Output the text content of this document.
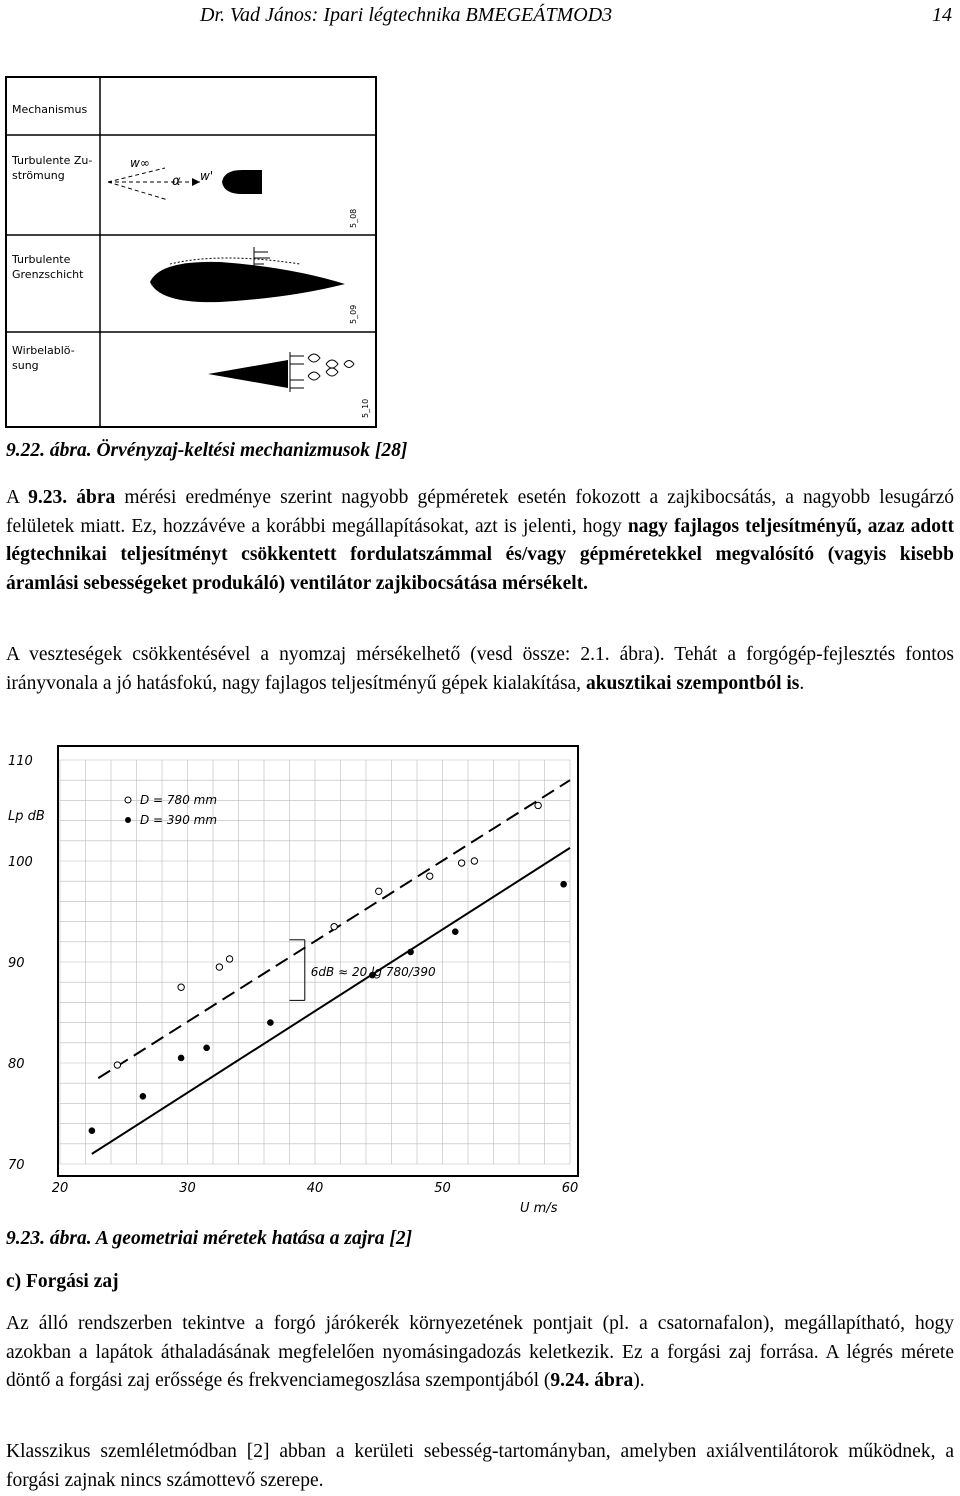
Dr. Vad János: Ipari légtechnika BMEGEÁTMOD3	14
Mechanismus
Turbulente Zu-
strömung
Turbulente
Grenzschicht
Wirbelablö-
sung
w∞
α w'
5_08
5_09
5_10
9.22. ábra. Örvényzaj-keltési mechanizmusok [28]
A 9.23. ábra mérési eredménye szerint nagyobb gépméretek esetén fokozott a zajkibocsátás, a nagyobb lesugárzó felületek miatt. Ez, hozzávéve a korábbi megállapításokat, azt is jelenti, hogy nagy fajlagos teljesítményű, azaz adott légtechnikai teljesítményt csökkentett fordulatszámmal és/vagy gépméretekkel megvalósító (vagyis kisebb áramlási sebességeket produkáló) ventilátor zajkibocsátása mérsékelt.
A veszteségek csökkentésével a nyomzaj mérsékelhető (vesd össze: 2.1. ábra). Tehát a forgógép-fejlesztés fontos irányvonala a jó hatásfokú, nagy fajlagos teljesítményű gépek kialakítása, akusztikai szempontból is.
20	30	40	50	60
70
80
90
100
110
Lp dB
U m/s
D = 780 mm
D = 390 mm
6dB ≈ 20 lg 780/390
9.23. ábra. A geometriai méretek hatása a zajra [2]
c) Forgási zaj
Az álló rendszerben tekintve a forgó járókerék környezetének pontjait (pl. a csatornafalon), megállapítható, hogy azokban a lapátok áthaladásának megfelelően nyomásingadozás keletkezik. Ez a forgási zaj forrása. A légrés mérete döntő a forgási zaj erőssége és frekvenciamegoszlása szempontjából (9.24. ábra).
Klasszikus szemléletmódban [2] abban a kerületi sebesség-tartományban, amelyben axiálventilátorok működnek, a forgási zajnak nincs számottevő szerepe.
